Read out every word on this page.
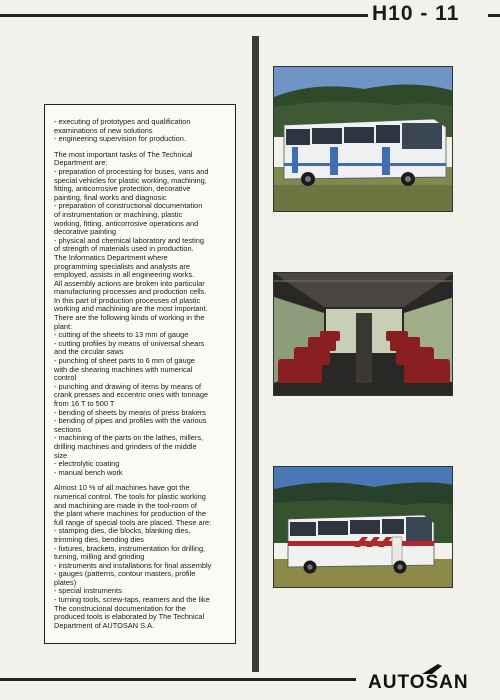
H10 - 11
- executing of prototypes and qualification
examinations of new solutions
- engineering supervision for production.
The most important tasks of The Technical
Department are:
- preparation of processing for buses, vans and
special vehicles for plastic working, machining,
fitting, anticorrosive protection, decorative
painting, final works and diagnosic
- preparation of constructional documentation
of instrumentation or machining, plastic
working, fitting, anticorrosive operations and
decorative painting
- physical and chemical laboratory and testing
of strength of materials used in production.
The Informatics Department where
programming specialists and analysts are
employed, assists in all engineering works.
All assembly actions are broken into particular
manufacturing processes and production cells.
In this part of production processes of plastic
working and machining are the most important.
There are the following kinds of working in the
plant:
- cutting of the sheets to 13 mm of gauge
- cutting profiles by means of universal shears
and the circular saws
- punching of sheet parts to 6 mm of gauge
with die shearing machines with numerical
control
- punching and drawing of items by means of
crank presses and eccentric ones with tonnage
from 16 T to 500 T
- bending of sheets by means of press brakers
- bending of pipes and profiles with the various
sections
- machining of the parts on the lathes, millers,
drilling machines and grinders of the middle
size
- electrolytic coating
- manual bench work
Almost 10 % of all machines have got the
numerical control. The tools for plastic working
and machining are made in the tool-room of
the plant where machines for production of the
full range of special tools are placed. These are:
- stamping dies, die blocks, blanking dies,
trimming dies, bending dies
- fixtures, brackets, instrumentation for drilling,
turning, milling and grinding
- instruments and installations for final assembly
- gauges (patterns, contour masters, profile
plates)
- special instruments
- turning tools, screw-taps, reamers and the like
The construcional documentation for the
produced tools is elaborated by The Technical
Department of AUTOSAN S.A.
AUTOSAN
